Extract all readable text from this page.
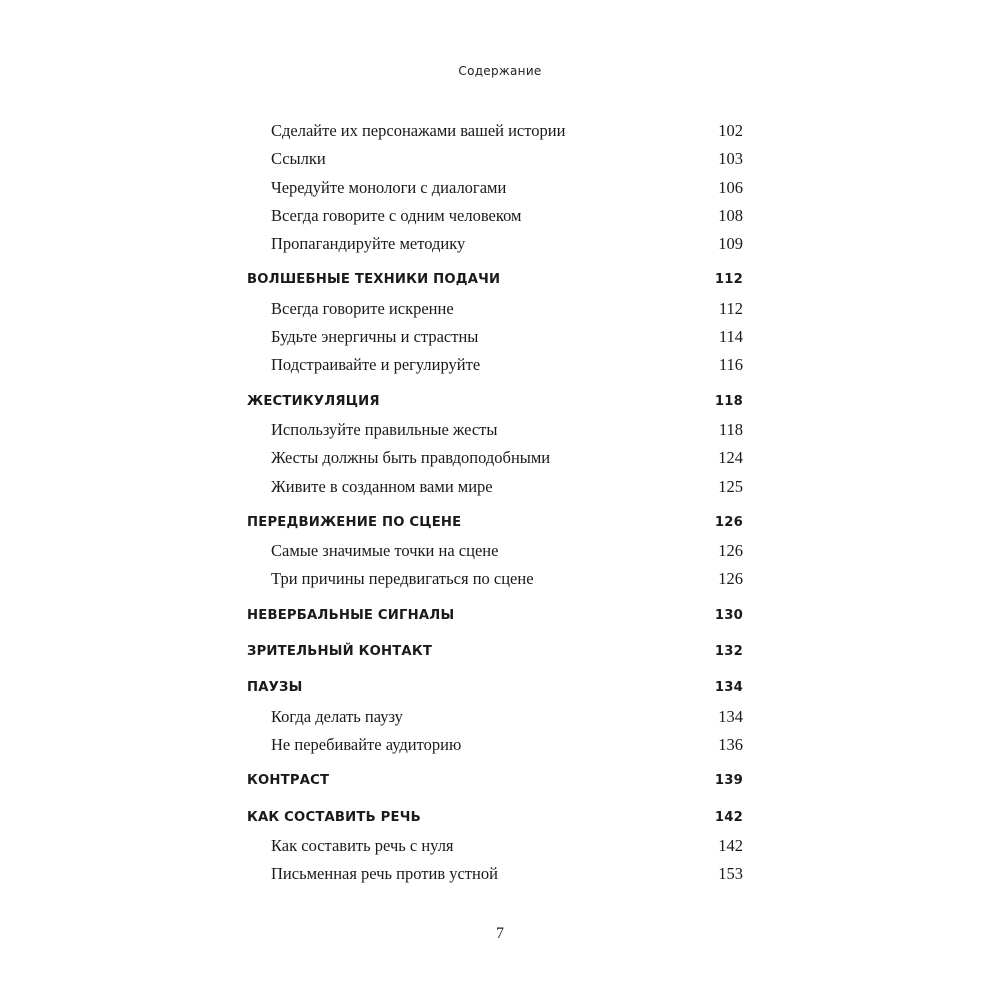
Содержание
Сделайте их персонажами вашей истории	102
Ссылки	103
Чередуйте монологи с диалогами	106
Всегда говорите с одним человеком	108
Пропагандируйте методику	109
ВОЛШЕБНЫЕ ТЕХНИКИ ПОДАЧИ	112
Всегда говорите искренне	112
Будьте энергичны и страстны	114
Подстраивайте и регулируйте	116
ЖЕСТИКУЛЯЦИЯ	118
Используйте правильные жесты	118
Жесты должны быть правдоподобными	124
Живите в созданном вами мире	125
ПЕРЕДВИЖЕНИЕ ПО СЦЕНЕ	126
Самые значимые точки на сцене	126
Три причины передвигаться по сцене	126
НЕВЕРБАЛЬНЫЕ СИГНАЛЫ	130
ЗРИТЕЛЬНЫЙ КОНТАКТ	132
ПАУЗЫ	134
Когда делать паузу	134
Не перебивайте аудиторию	136
КОНТРАСТ	139
КАК СОСТАВИТЬ РЕЧЬ	142
Как составить речь с нуля	142
Письменная речь против устной	153
7
